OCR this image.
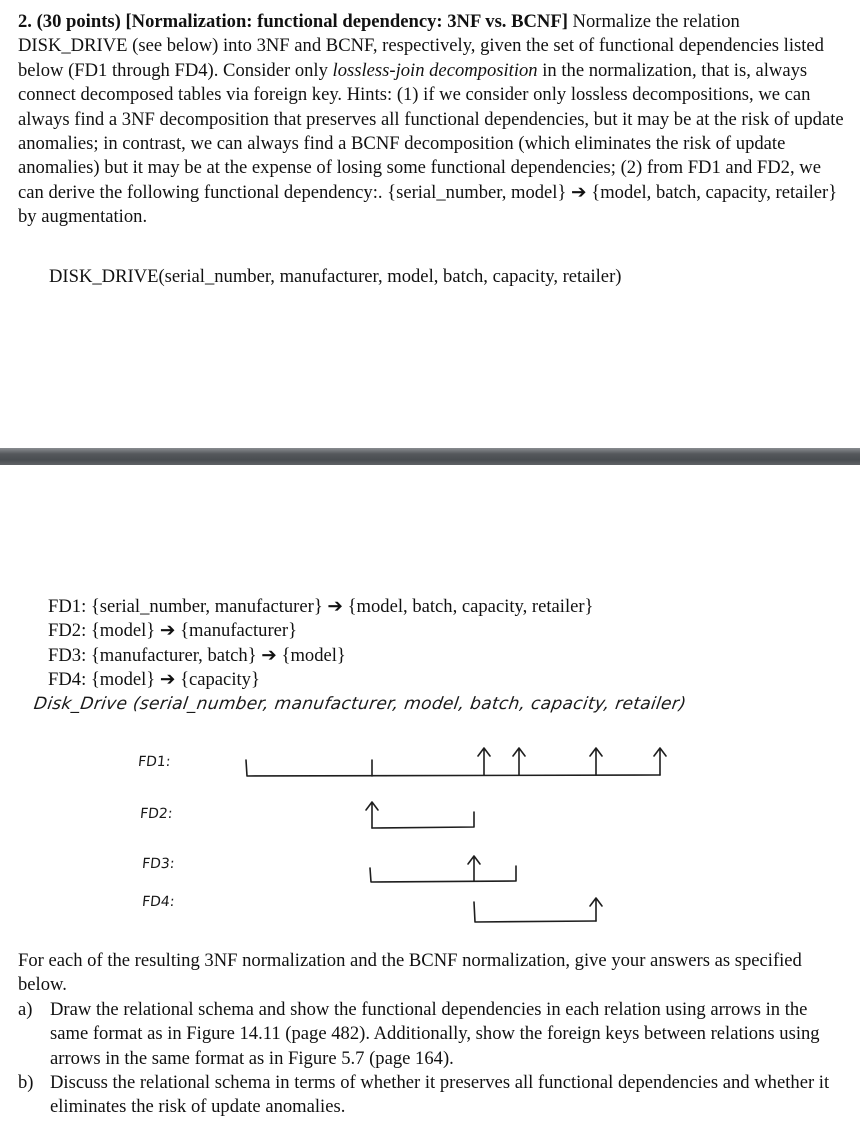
2. (30 points) [Normalization: functional dependency: 3NF vs. BCNF] Normalize the relation DISK_DRIVE (see below) into 3NF and BCNF, respectively, given the set of functional dependencies listed below (FD1 through FD4). Consider only lossless-join decomposition in the normalization, that is, always connect decomposed tables via foreign key. Hints: (1) if we consider only lossless decompositions, we can always find a 3NF decomposition that preserves all functional dependencies, but it may be at the risk of update anomalies; in contrast, we can always find a BCNF decomposition (which eliminates the risk of update anomalies) but it may be at the expense of losing some functional dependencies; (2) from FD1 and FD2, we can derive the following functional dependency:. {serial_number, model} ➔ {model, batch, capacity, retailer} by augmentation.

DISK_DRIVE(serial_number, manufacturer, model, batch, capacity, retailer)
FD1: {serial_number, manufacturer} ➔ {model, batch, capacity, retailer}
FD2: {model} ➔ {manufacturer}
FD3: {manufacturer, batch} ➔ {model}
FD4: {model} ➔ {capacity}
Disk_Drive (serial_number, manufacturer, model, batch, capacity, retailer)
FD1:
FD2:
FD3:
FD4:
For each of the resulting 3NF normalization and the BCNF normalization, give your answers as specified below.
a) Draw the relational schema and show the functional dependencies in each relation using arrows in the same format as in Figure 14.11 (page 482). Additionally, show the foreign keys between relations using arrows in the same format as in Figure 5.7 (page 164).
b) Discuss the relational schema in terms of whether it preserves all functional dependencies and whether it eliminates the risk of update anomalies.
